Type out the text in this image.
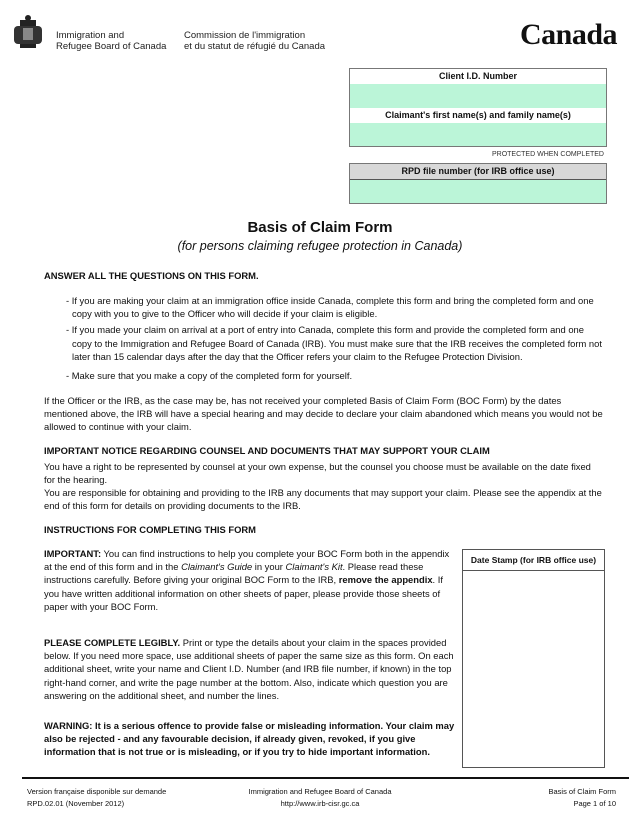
Immigration and
Refugee Board of Canada
Commission de l'immigration
et du statut de réfugié du Canada	Canada
Client I.D. Number
Claimant's first name(s) and family name(s)
PROTECTED WHEN COMPLETED
RPD file number (for IRB office use)
Basis of Claim Form
(for persons claiming refugee protection in Canada)
ANSWER ALL THE QUESTIONS ON THIS FORM.

- If you are making your claim at an immigration office inside Canada, complete this form and bring the completed form and one copy with you to give to the Officer who will decide if your claim is eligible.

- If you made your claim on arrival at a port of entry into Canada, complete this form and provide the completed form and one copy to the Immigration and Refugee Board of Canada (IRB). You must make sure that the IRB receives the completed form not later than 15 calendar days after the day that the Officer refers your claim to the Refugee Protection Division.

- Make sure that you make a copy of the completed form for yourself.

If the Officer or the IRB, as the case may be, has not received your completed Basis of Claim Form (BOC Form) by the dates mentioned above, the IRB will have a special hearing and may decide to declare your claim abandoned which means you would not be allowed to continue with your claim.

IMPORTANT NOTICE REGARDING COUNSEL AND DOCUMENTS THAT MAY SUPPORT YOUR CLAIM

You have a right to be represented by counsel at your own expense, but the counsel you choose must be available on the date fixed for the hearing.

You are responsible for obtaining and providing to the IRB any documents that may support your claim. Please see the appendix at the end of this form for details on providing documents to the IRB.

INSTRUCTIONS FOR COMPLETING THIS FORM

IMPORTANT: You can find instructions to help you complete your BOC Form both in the appendix at the end of this form and in the Claimant's Guide in your Claimant's Kit. Please read these instructions carefully. Before giving your original BOC Form to the IRB, remove the appendix. If you have written additional information on other sheets of paper, please provide those sheets of paper with your BOC Form.

PLEASE COMPLETE LEGIBLY. Print or type the details about your claim in the spaces provided below. If you need more space, use additional sheets of paper the same size as this form. On each additional sheet, write your name and Client I.D. Number (and IRB file number, if known) in the top right-hand corner, and write the page number at the bottom. Also, indicate which question you are answering on the additional sheet, and number the lines.

WARNING: It is a serious offence to provide false or misleading information. Your claim may also be rejected - and any favourable decision, if already given, revoked, if you give information that is not true or is misleading, or if you try to hide important information.

Date Stamp (for IRB office use)
Version française disponible sur demande
RPD.02.01 (November 2012)
Immigration and Refugee Board of Canada
http://www.irb-cisr.gc.ca
Basis of Claim Form
Page 1 of 10
